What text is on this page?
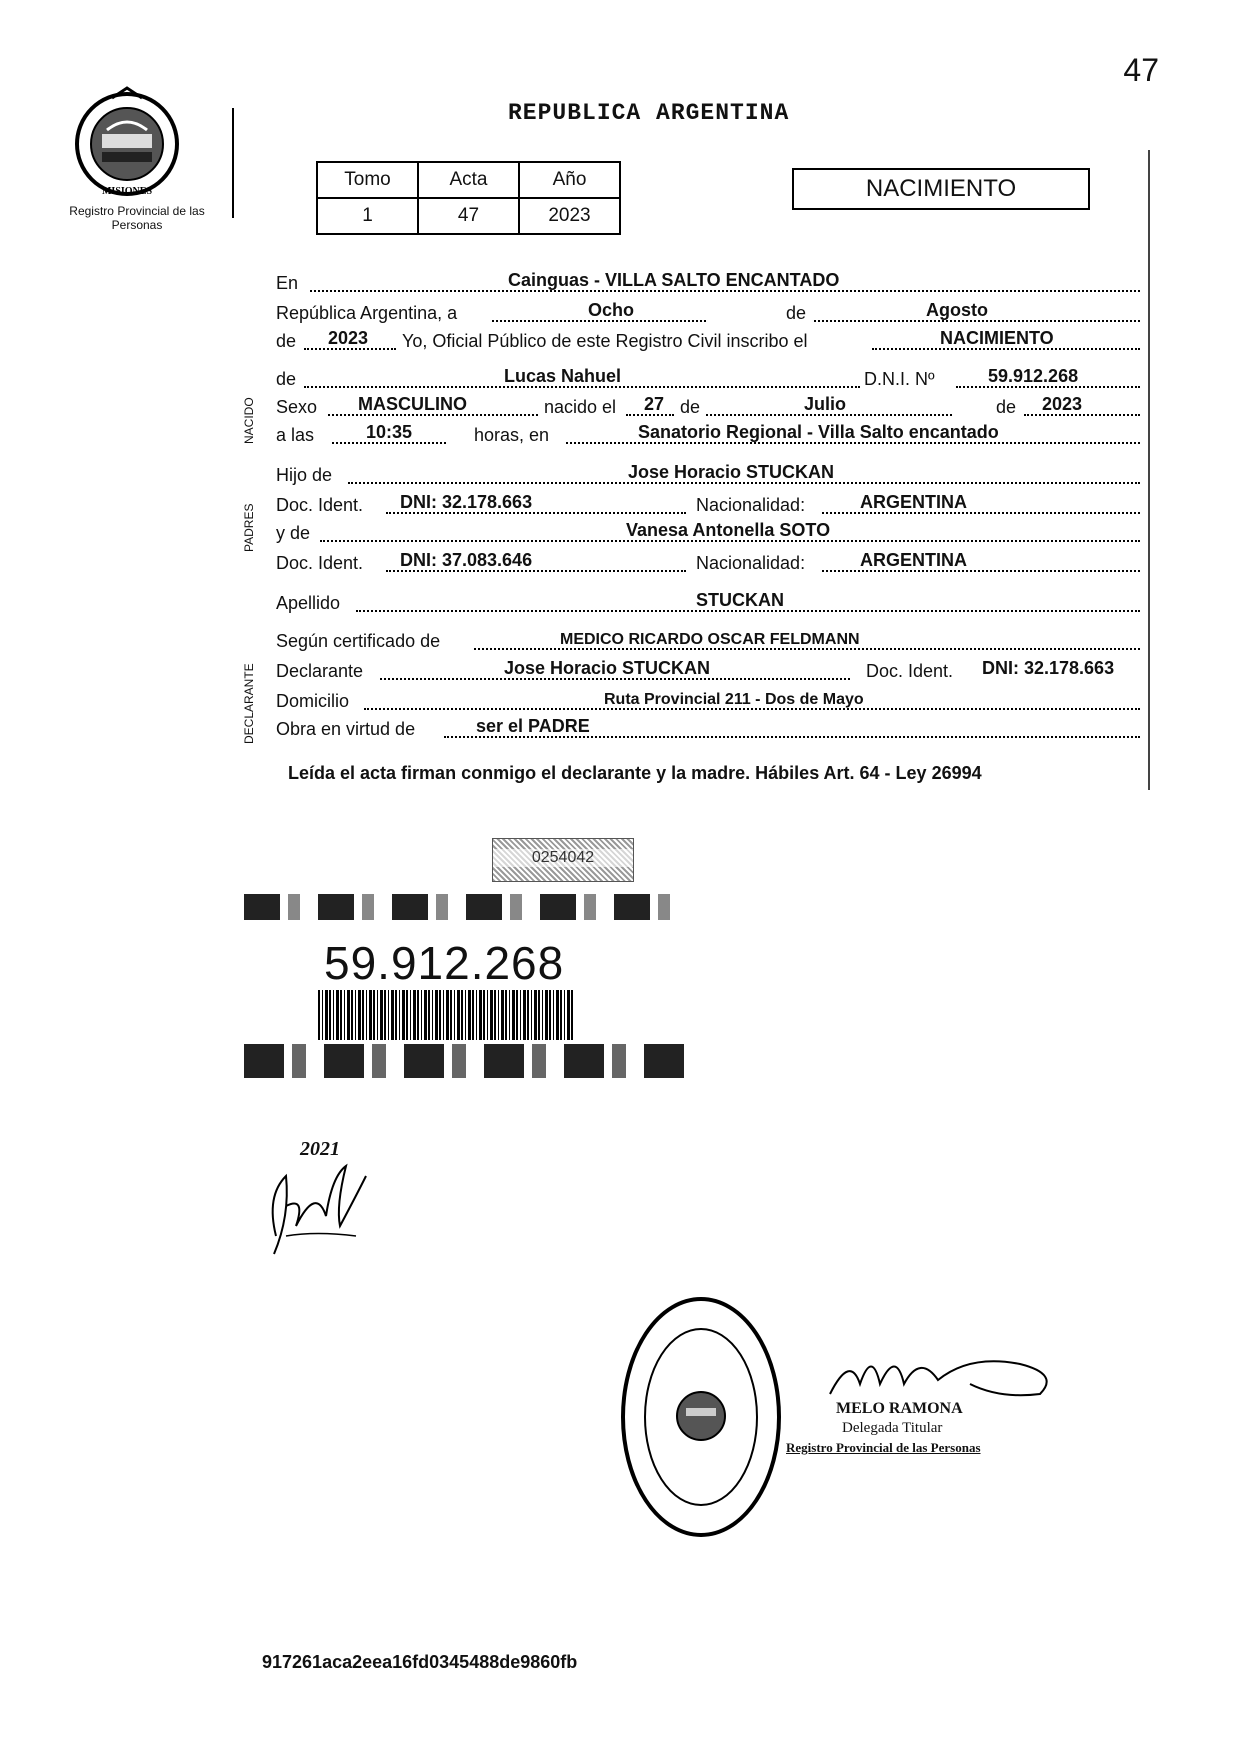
47
MISIONES
Registro Provincial de las Personas
REPUBLICA ARGENTINA
Tomo	Acta	Año
1	47	2023
NACIMIENTO
NACIDO
PADRES
DECLARANTE
En	Cainguas - VILLA SALTO ENCANTADO
República Argentina, a	Ocho	de	Agosto
de 2023 Yo, Oficial Público de este Registro Civil inscribo el	NACIMIENTO
de	Lucas Nahuel	D.N.I. Nº	59.912.268
Sexo MASCULINO	nacido el 27 de	Julio	de 2023
a las	10:35	horas, en	Sanatorio Regional - Villa Salto encantado
Hijo de	Jose Horacio STUCKAN
Doc. Ident. DNI: 32.178.663	Nacionalidad:	ARGENTINA
y de	Vanesa Antonella SOTO
Doc. Ident. DNI: 37.083.646	Nacionalidad:	ARGENTINA
Apellido	STUCKAN
Según certificado de	MEDICO RICARDO OSCAR FELDMANN
Declarante	Jose Horacio STUCKAN	Doc. Ident. DNI: 32.178.663
Domicilio	Ruta Provincial 211 - Dos de Mayo
Obra en virtud de	ser el PADRE
Leída el acta firman conmigo el declarante y la madre. Hábiles Art. 64 - Ley 26994
0254042
59.912.268
2021
MELO RAMONA
Delegada Titular
Registro Provincial de las Personas
917261aca2eea16fd0345488de9860fb
